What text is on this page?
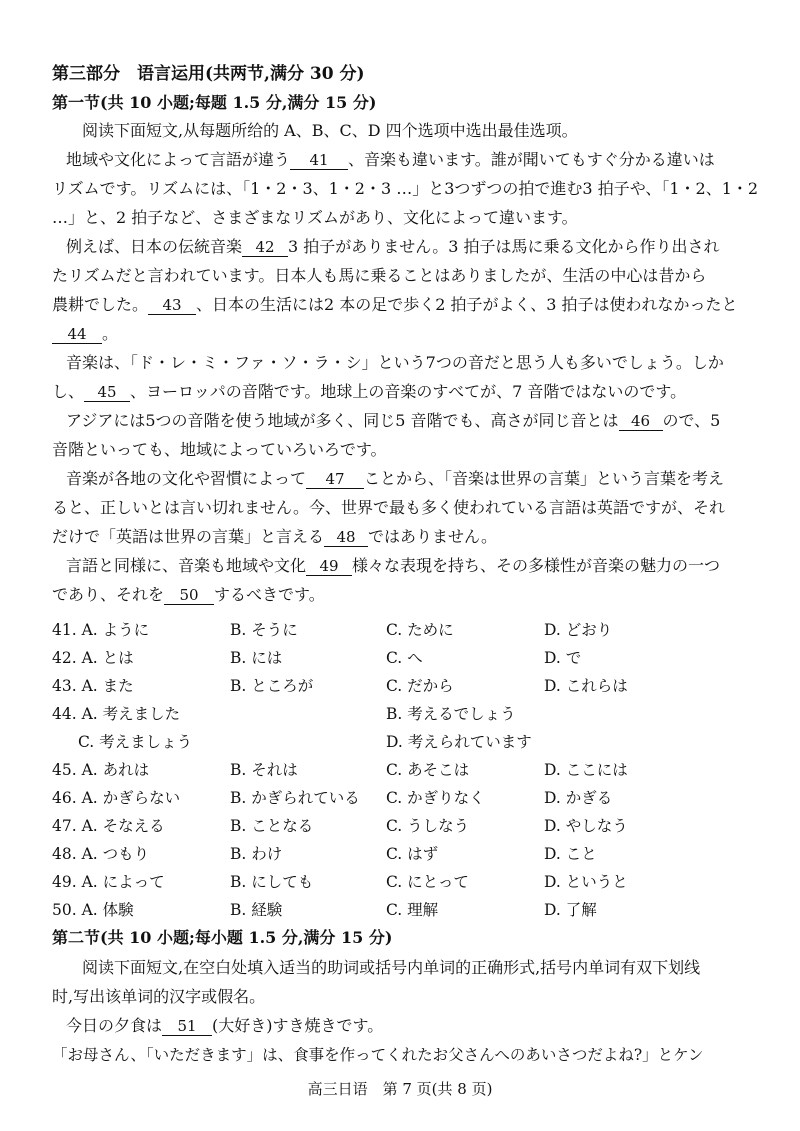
第三部分　语言运用(共两节,满分 30 分)
第一节(共 10 小题;每题 1.5 分,满分 15 分)
阅读下面短文,从每题所给的 A、B、C、D 四个选项中选出最佳选项。
地域や文化によって言語が違う 41 、音楽も違います。誰が聞いてもすぐ分かる違いは
リズムです。リズムには、「1・2・3、1・2・3 …」と3つずつの拍で進む3 拍子や、「1・2、1・2
…」と、2 拍子など、さまざまなリズムがあり、文化によって違います。
例えば、日本の伝統音楽 42 3 拍子がありません。3 拍子は馬に乗る文化から作り出され
たリズムだと言われています。日本人も馬に乗ることはありましたが、生活の中心は昔から
農耕でした。 43 、日本の生活には2 本の足で歩く2 拍子がよく、3 拍子は使われなかったと
44 。
音楽は、「ド・レ・ミ・ファ・ソ・ラ・シ」という7つの音だと思う人も多いでしょう。しか
し、 45 、ヨーロッパの音階です。地球上の音楽のすべてが、7 音階ではないのです。
アジアには5つの音階を使う地域が多く、同じ5 音階でも、高さが同じ音とは 46 ので、5
音階といっても、地域によっていろいろです。
音楽が各地の文化や習慣によって 47 ことから、「音楽は世界の言葉」という言葉を考え
ると、正しいとは言い切れません。今、世界で最も多く使われている言語は英語ですが、それ
だけで「英語は世界の言葉」と言える 48 ではありません。
言語と同様に、音楽も地域や文化 49 様々な表現を持ち、その多様性が音楽の魅力の一つ
であり、それを 50 するべきです。
41. A. ように	B. そうに	C. ために	D. どおり
42. A. とは	B. には	C. へ	D. で
43. A. また	B. ところが	C. だから	D. これらは
44. A. 考えました	B. 考えるでしょう
C. 考えましょう	D. 考えられています
45. A. あれは	B. それは	C. あそこは	D. ここには
46. A. かぎらない	B. かぎられている C. かぎりなく	D. かぎる
47. A. そなえる	B. ことなる	C. うしなう	D. やしなう
48. A. つもり	B. わけ	C. はず	D. こと
49. A. によって	B. にしても	C. にとって	D. というと
50. A. 体験	B. 経験	C. 理解	D. 了解
第二节(共 10 小题;每小题 1.5 分,满分 15 分)
阅读下面短文,在空白处填入适当的助词或括号内单词的正确形式,括号内单词有双下划线
时,写出该单词的汉字或假名。
今日の夕食は 51 (大好き)すき焼きです。
「お母さん、「いただきます」は、食事を作ってくれたお父さんへのあいさつだよね?」とケン
高三日语　第 7 页(共 8 页)
